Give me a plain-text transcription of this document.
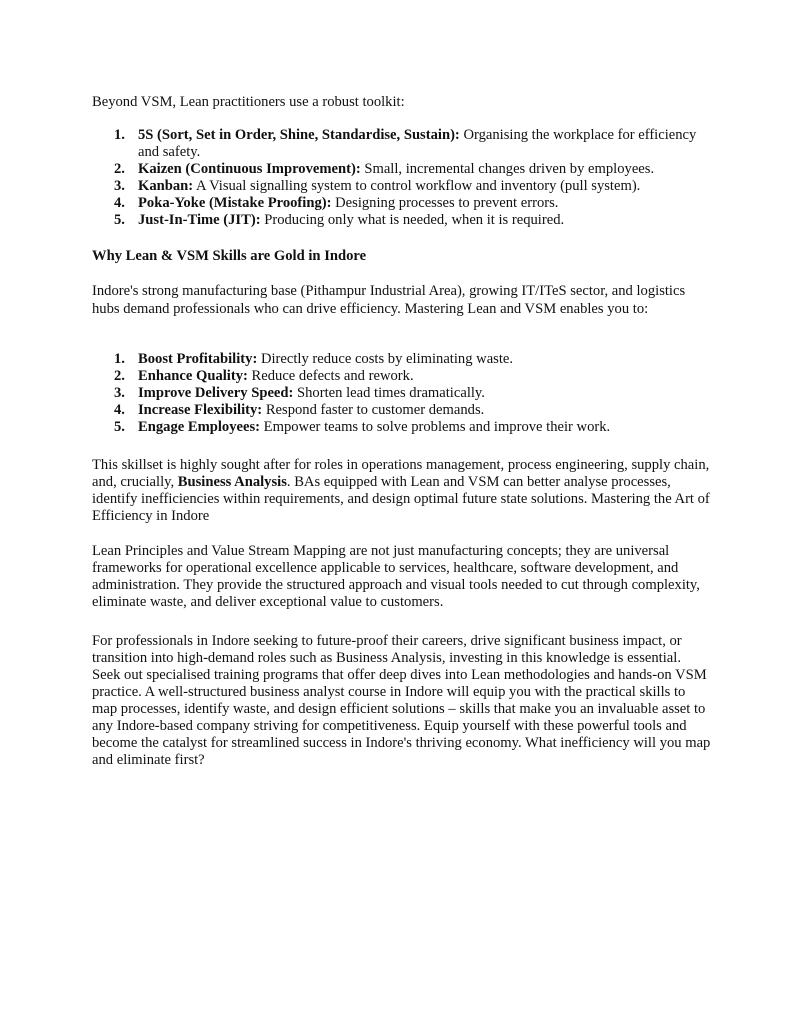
Beyond VSM, Lean practitioners use a robust toolkit:

1. 5S (Sort, Set in Order, Shine, Standardise, Sustain): Organising the workplace for efficiency and safety.
2. Kaizen (Continuous Improvement): Small, incremental changes driven by employees.
3. Kanban: A Visual signalling system to control workflow and inventory (pull system).
4. Poka-Yoke (Mistake Proofing): Designing processes to prevent errors.
5. Just-In-Time (JIT): Producing only what is needed, when it is required.
Why Lean & VSM Skills are Gold in Indore

Indore's strong manufacturing base (Pithampur Industrial Area), growing IT/ITeS sector, and logistics hubs demand professionals who can drive efficiency. Mastering Lean and VSM enables you to:

1. Boost Profitability: Directly reduce costs by eliminating waste.
2. Enhance Quality: Reduce defects and rework.
3. Improve Delivery Speed: Shorten lead times dramatically.
4. Increase Flexibility: Respond faster to customer demands.
5. Engage Employees: Empower teams to solve problems and improve their work.

This skillset is highly sought after for roles in operations management, process engineering, supply chain, and, crucially, Business Analysis. BAs equipped with Lean and VSM can better analyse processes, identify inefficiencies within requirements, and design optimal future state solutions. Mastering the Art of Efficiency in Indore

Lean Principles and Value Stream Mapping are not just manufacturing concepts; they are universal frameworks for operational excellence applicable to services, healthcare, software development, and administration. They provide the structured approach and visual tools needed to cut through complexity, eliminate waste, and deliver exceptional value to customers.

For professionals in Indore seeking to future-proof their careers, drive significant business impact, or transition into high-demand roles such as Business Analysis, investing in this knowledge is essential. Seek out specialised training programs that offer deep dives into Lean methodologies and hands-on VSM practice. A well-structured business analyst course in Indore will equip you with the practical skills to map processes, identify waste, and design efficient solutions – skills that make you an invaluable asset to any Indore-based company striving for competitiveness. Equip yourself with these powerful tools and become the catalyst for streamlined success in Indore's thriving economy. What inefficiency will you map and eliminate first?
